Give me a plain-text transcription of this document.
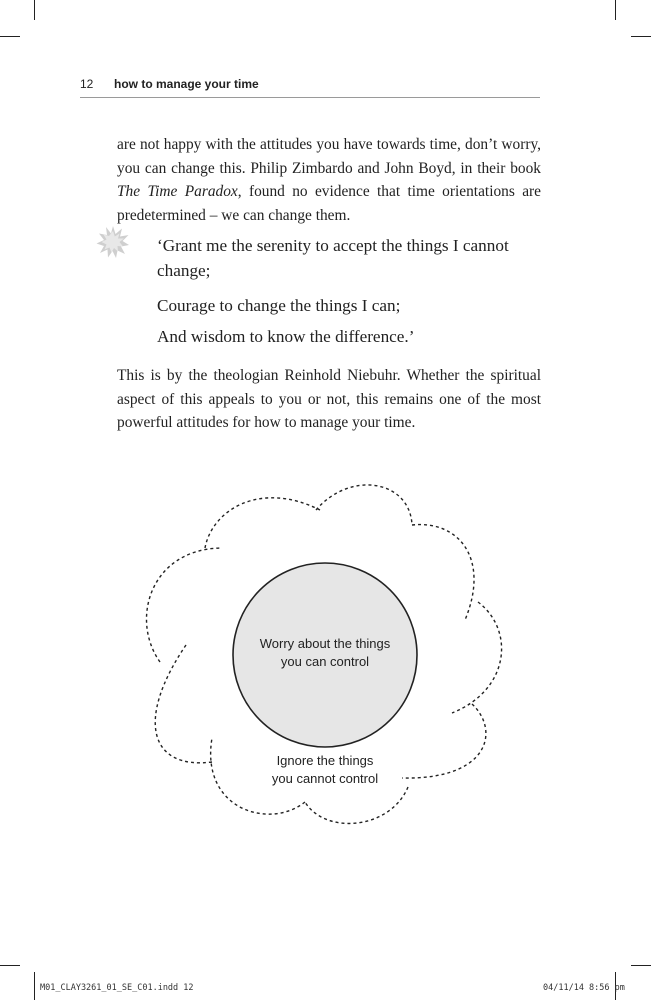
12 how to manage your time

are not happy with the attitudes you have towards time, don’t worry, you can change this. Philip Zimbardo and John Boyd, in their book The Time Paradox, found no evidence that time orientations are predetermined – we can change them.

‘Grant me the serenity to accept the things I cannot change;

Courage to change the things I can;

And wisdom to know the difference.’

This is by the theologian Reinhold Niebuhr. Whether the spiritual aspect of this appeals to you or not, this remains one of the most powerful attitudes for how to manage your time.

Worry about the things
you can control
Ignore the things
you cannot control
M01_CLAY3261_01_SE_C01.indd 12	04/11/14 8:56 pm
